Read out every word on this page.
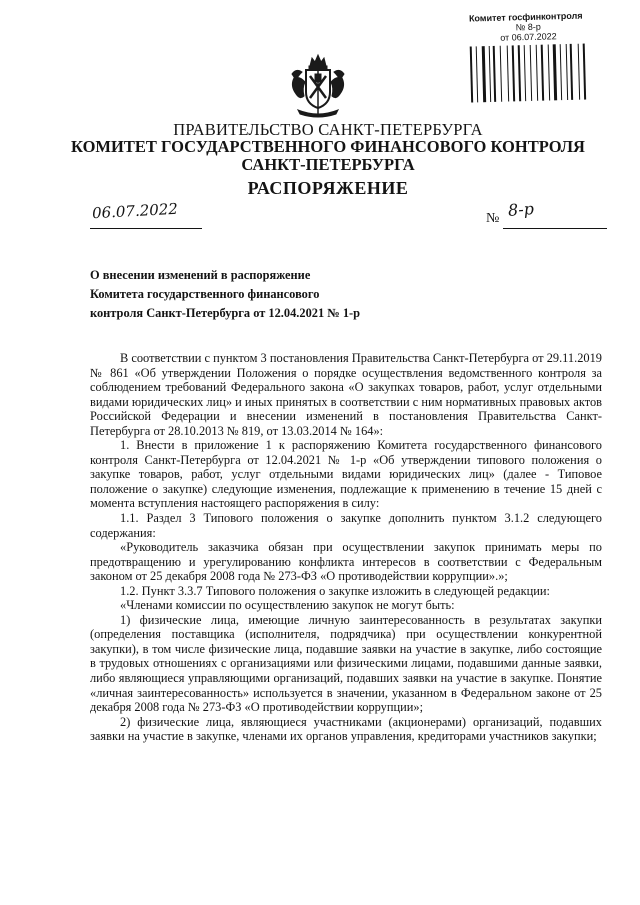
Комитет госфинконтроля
№ 8-р
от 06.07.2022
ПРАВИТЕЛЬСТВО САНКТ-ПЕТЕРБУРГА
КОМИТЕТ ГОСУДАРСТВЕННОГО ФИНАНСОВОГО КОНТРОЛЯ
САНКТ-ПЕТЕРБУРГА
РАСПОРЯЖЕНИЕ
06.07.2022	№ 8-р
О внесении изменений в распоряжение
Комитета государственного финансового
контроля Санкт-Петербурга от 12.04.2021 № 1-р

В соответствии с пунктом 3 постановления Правительства Санкт-Петербурга от 29.11.2019 № 861 «Об утверждении Положения о порядке осуществления ведомственного контроля за соблюдением требований Федерального закона «О закупках товаров, работ, услуг отдельными видами юридических лиц» и иных принятых в соответствии с ним нормативных правовых актов Российской Федерации и внесении изменений в постановления Правительства Санкт-Петербурга от 28.10.2013 № 819, от 13.03.2014 № 164»:

1. Внести в приложение 1 к распоряжению Комитета государственного финансового контроля Санкт-Петербурга от 12.04.2021 № 1-р «Об утверждении типового положения о закупке товаров, работ, услуг отдельными видами юридических лиц» (далее - Типовое положение о закупке) следующие изменения, подлежащие к применению в течение 15 дней с момента вступления настоящего распоряжения в силу:

1.1. Раздел 3 Типового положения о закупке дополнить пунктом 3.1.2 следующего содержания:

«Руководитель заказчика обязан при осуществлении закупок принимать меры по предотвращению и урегулированию конфликта интересов в соответствии с Федеральным законом от 25 декабря 2008 года № 273-ФЗ «О противодействии коррупции».»;

1.2. Пункт 3.3.7 Типового положения о закупке изложить в следующей редакции:

«Членами комиссии по осуществлению закупок не могут быть:

1) физические лица, имеющие личную заинтересованность в результатах закупки (определения поставщика (исполнителя, подрядчика) при осуществлении конкурентной закупки), в том числе физические лица, подавшие заявки на участие в закупке, либо состоящие в трудовых отношениях с организациями или физическими лицами, подавшими данные заявки, либо являющиеся управляющими организаций, подавших заявки на участие в закупке. Понятие «личная заинтересованность» используется в значении, указанном в Федеральном законе от 25 декабря 2008 года № 273-ФЗ «О противодействии коррупции»;

2) физические лица, являющиеся участниками (акционерами) организаций, подавших заявки на участие в закупке, членами их органов управления, кредиторами участников закупки;
